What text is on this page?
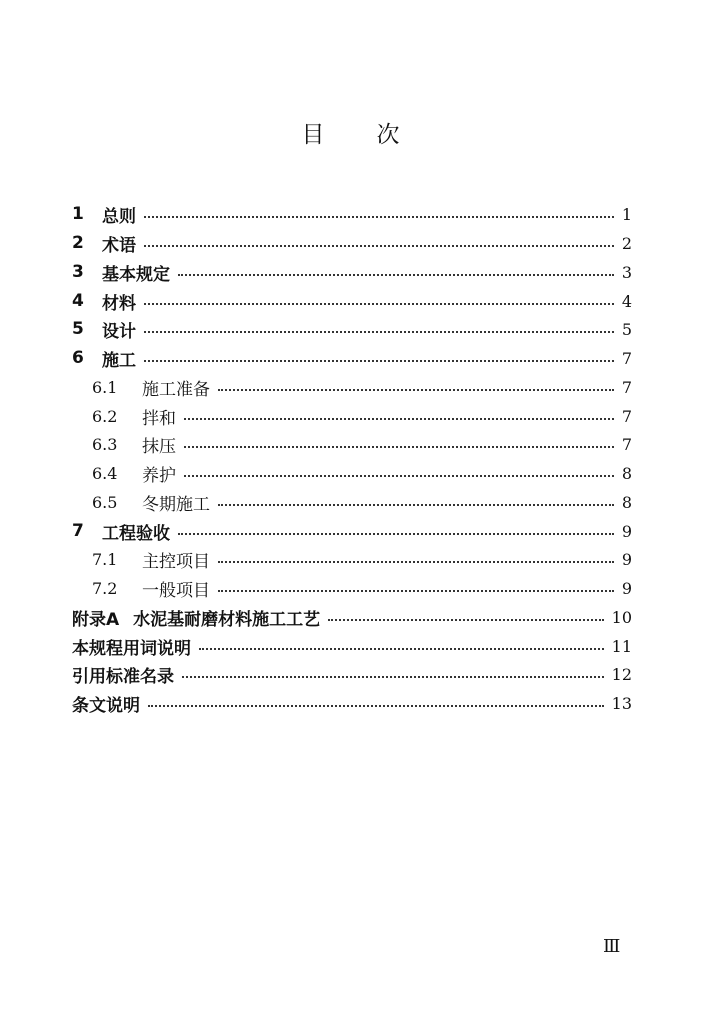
目次
1	总则	1
2	术语	2
3	基本规定	3
4	材料	4
5	设计	5
6	施工	7
6.1	施工准备	7
6.2	拌和	7
6.3	抹压	7
6.4	养护	8
6.5	冬期施工	8
7	工程验收	9
7.1	主控项目	9
7.2	一般项目	9
附录A 水泥基耐磨材料施工工艺	10
本规程用词说明	11
引用标准名录	12
条文说明	13
Ⅲ
